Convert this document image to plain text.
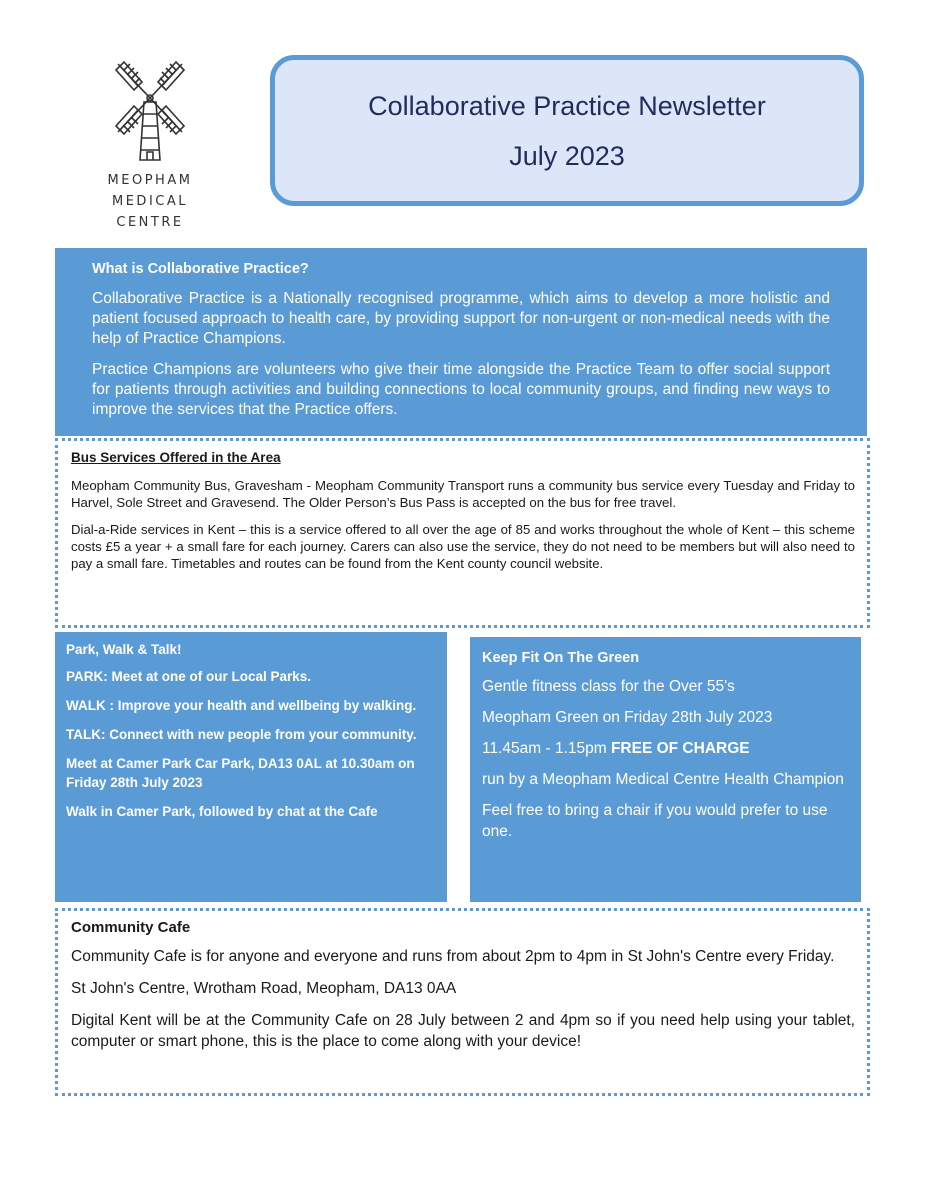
MEOPHAM
MEDICAL
CENTRE
Collaborative Practice Newsletter
July 2023
What is Collaborative Practice?

Collaborative Practice is a Nationally recognised programme, which aims to develop a more holistic and patient focused approach to health care, by providing support for non-urgent or non-medical needs with the help of Practice Champions.

Practice Champions are volunteers who give their time alongside the Practice Team to offer social support for patients through activities and building connections to local community groups, and finding new ways to improve the services that the Practice offers.

Bus Services Offered in the Area

Meopham Community Bus, Gravesham - Meopham Community Transport runs a community bus service every Tuesday and Friday to Harvel, Sole Street and Gravesend. The Older Person’s Bus Pass is accepted on the bus for free travel.

Dial-a-Ride services in Kent – this is a service offered to all over the age of 85 and works throughout the whole of Kent – this scheme costs £5 a year + a small fare for each journey. Carers can also use the service, they do not need to be members but will also need to pay a small fare. Timetables and routes can be found from the Kent county council website.

Park, Walk & Talk!

PARK: Meet at one of our Local Parks.

WALK : Improve your health and wellbeing by walking.

TALK: Connect with new people from your community.

Meet at Camer Park Car Park, DA13 0AL at 10.30am on Friday 28th July 2023

Walk in Camer Park, followed by chat at the Cafe

Keep Fit On The Green

Gentle fitness class for the Over 55's

Meopham Green on Friday 28th July 2023

11.45am - 1.15pm FREE OF CHARGE

run by a Meopham Medical Centre Health Champion

Feel free to bring a chair if you would prefer to use one.

Community Cafe

Community Cafe is for anyone and everyone and runs from about 2pm to 4pm in St John's Centre every Friday.

St John's Centre, Wrotham Road, Meopham, DA13 0AA

Digital Kent will be at the Community Cafe on 28 July between 2 and 4pm so if you need help using your tablet, computer or smart phone, this is the place to come along with your device!
